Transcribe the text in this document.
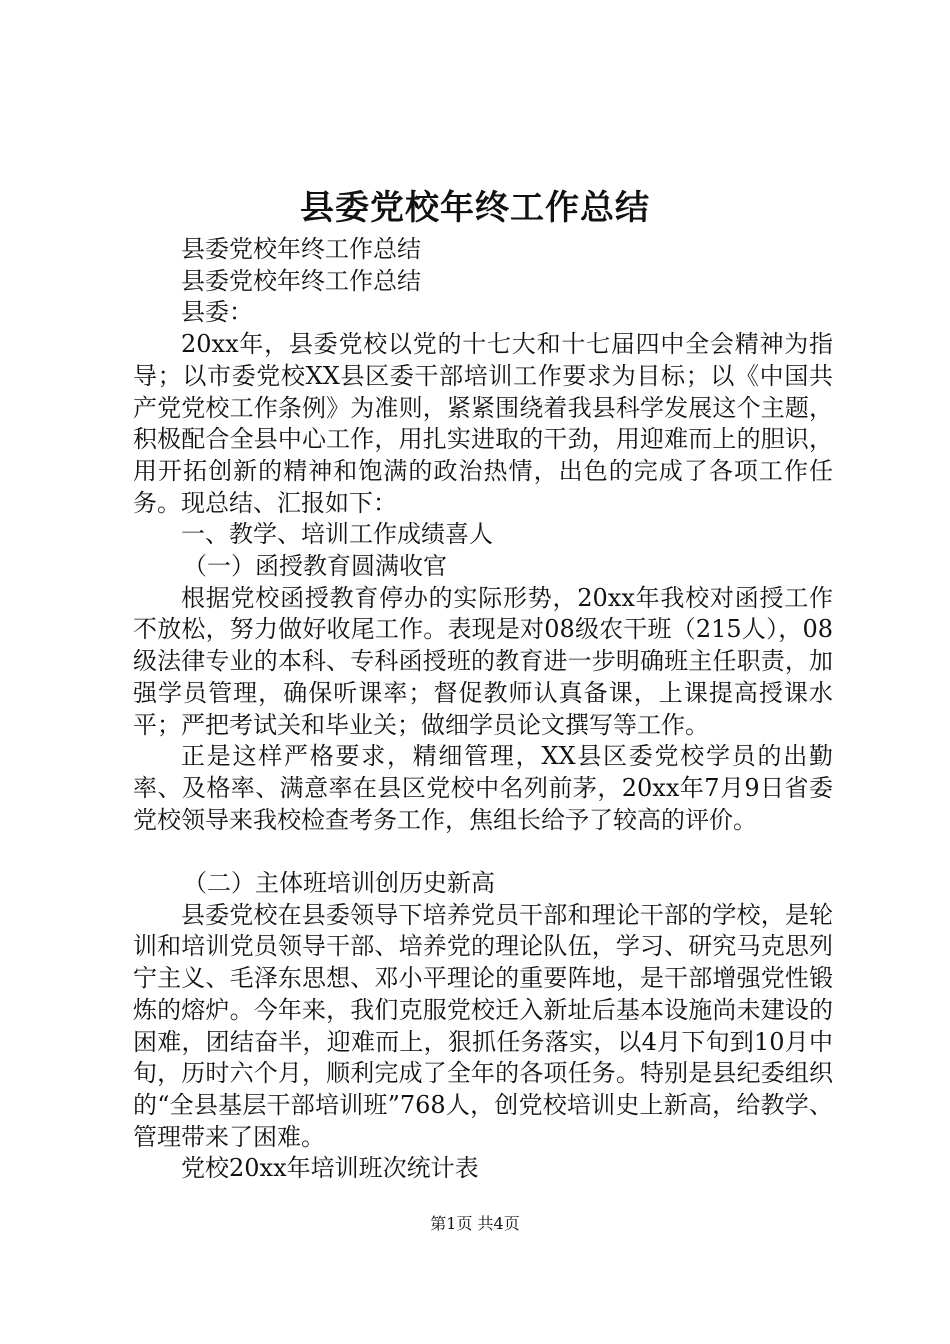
县委党校年终工作总结

县委党校年终工作总结

县委党校年终工作总结

县委：

20xx年，县委党校以党的十七大和十七届四中全会精神为指导；以市委党校XX县区委干部培训工作要求为目标；以《中国共产党党校工作条例》为准则，紧紧围绕着我县科学发展这个主题，积极配合全县中心工作，用扎实进取的干劲，用迎难而上的胆识，用开拓创新的精神和饱满的政治热情，出色的完成了各项工作任务。现总结、汇报如下：

一、教学、培训工作成绩喜人

（一）函授教育圆满收官

根据党校函授教育停办的实际形势，20xx年我校对函授工作不放松，努力做好收尾工作。表现是对08级农干班（215人），08级法律专业的本科、专科函授班的教育进一步明确班主任职责，加强学员管理，确保听课率；督促教师认真备课，上课提高授课水平；严把考试关和毕业关；做细学员论文撰写等工作。

正是这样严格要求，精细管理，XX县区委党校学员的出勤率、及格率、满意率在县区党校中名列前茅，20xx年7月9日省委党校领导来我校检查考务工作，焦组长给予了较高的评价。

（二）主体班培训创历史新高

县委党校在县委领导下培养党员干部和理论干部的学校，是轮训和培训党员领导干部、培养党的理论队伍，学习、研究马克思列宁主义、毛泽东思想、邓小平理论的重要阵地，是干部增强党性锻炼的熔炉。今年来，我们克服党校迁入新址后基本设施尚未建设的困难，团结奋半，迎难而上，狠抓任务落实，以4月下旬到10月中旬，历时六个月，顺利完成了全年的各项任务。特别是县纪委组织的“全县基层干部培训班”768人，创党校培训史上新高，给教学、管理带来了困难。

党校20xx年培训班次统计表

第1页 共4页
